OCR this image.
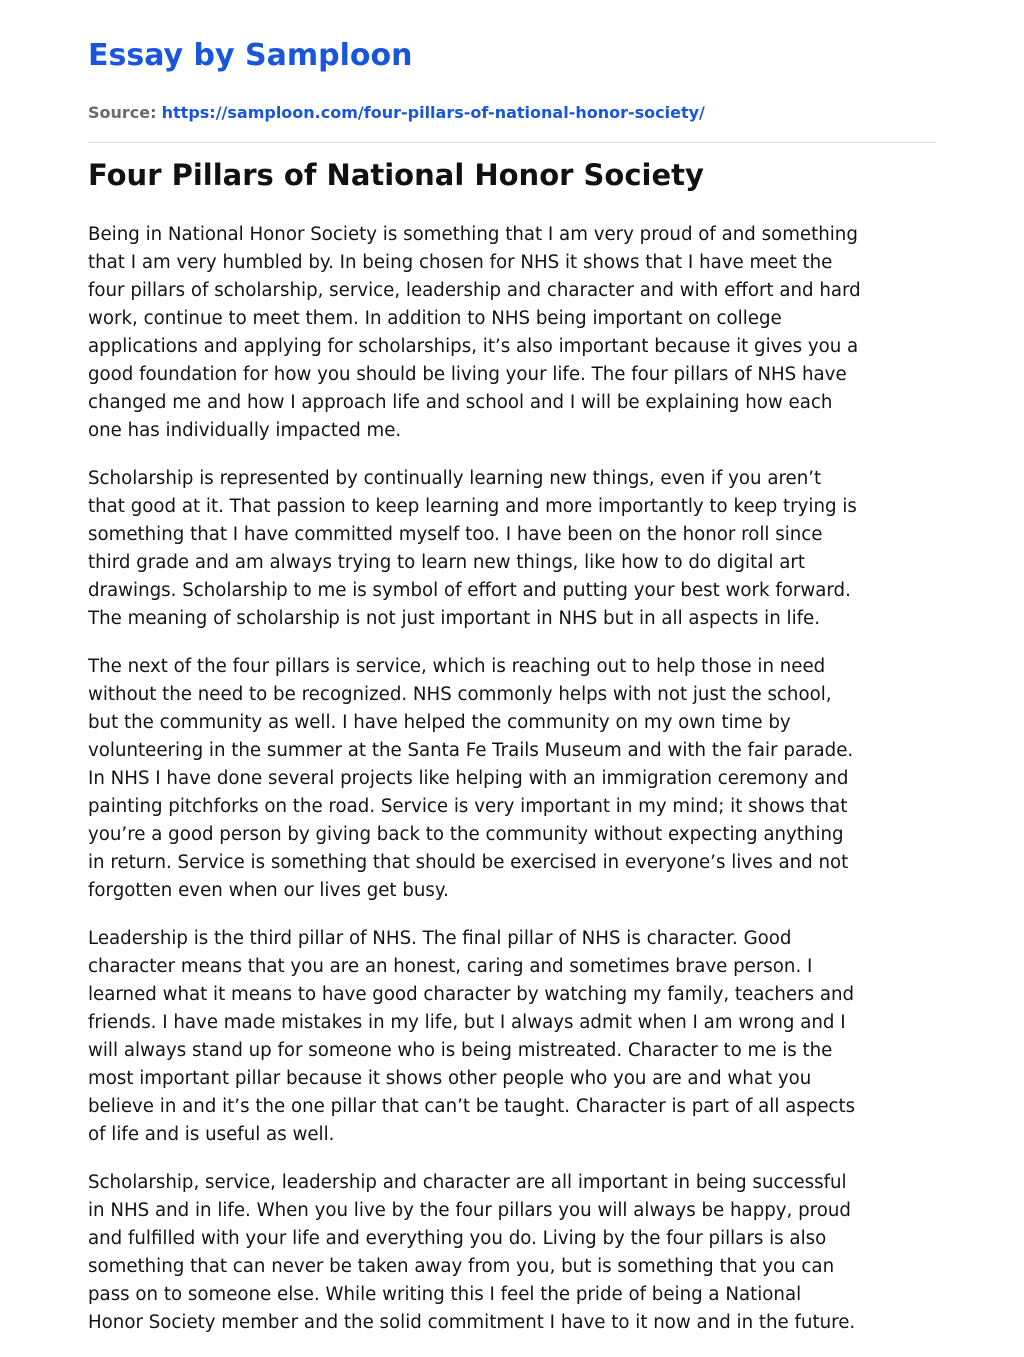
Essay by Samploon
Source: https://samploon.com/four-pillars-of-national-honor-society/
Four Pillars of National Honor Society

Being in National Honor Society is something that I am very proud of and something
that I am very humbled by. In being chosen for NHS it shows that I have meet the
four pillars of scholarship, service, leadership and character and with effort and hard
work, continue to meet them. In addition to NHS being important on college
applications and applying for scholarships, it’s also important because it gives you a
good foundation for how you should be living your life. The four pillars of NHS have
changed me and how I approach life and school and I will be explaining how each
one has individually impacted me.

Scholarship is represented by continually learning new things, even if you aren’t
that good at it. That passion to keep learning and more importantly to keep trying is
something that I have committed myself too. I have been on the honor roll since
third grade and am always trying to learn new things, like how to do digital art
drawings. Scholarship to me is symbol of effort and putting your best work forward.
The meaning of scholarship is not just important in NHS but in all aspects in life.

The next of the four pillars is service, which is reaching out to help those in need
without the need to be recognized. NHS commonly helps with not just the school,
but the community as well. I have helped the community on my own time by
volunteering in the summer at the Santa Fe Trails Museum and with the fair parade.
In NHS I have done several projects like helping with an immigration ceremony and
painting pitchforks on the road. Service is very important in my mind; it shows that
you’re a good person by giving back to the community without expecting anything
in return. Service is something that should be exercised in everyone’s lives and not
forgotten even when our lives get busy.

Leadership is the third pillar of NHS. The final pillar of NHS is character. Good
character means that you are an honest, caring and sometimes brave person. I
learned what it means to have good character by watching my family, teachers and
friends. I have made mistakes in my life, but I always admit when I am wrong and I
will always stand up for someone who is being mistreated. Character to me is the
most important pillar because it shows other people who you are and what you
believe in and it’s the one pillar that can’t be taught. Character is part of all aspects
of life and is useful as well.

Scholarship, service, leadership and character are all important in being successful
in NHS and in life. When you live by the four pillars you will always be happy, proud
and fulfilled with your life and everything you do. Living by the four pillars is also
something that can never be taken away from you, but is something that you can
pass on to someone else. While writing this I feel the pride of being a National
Honor Society member and the solid commitment I have to it now and in the future.
